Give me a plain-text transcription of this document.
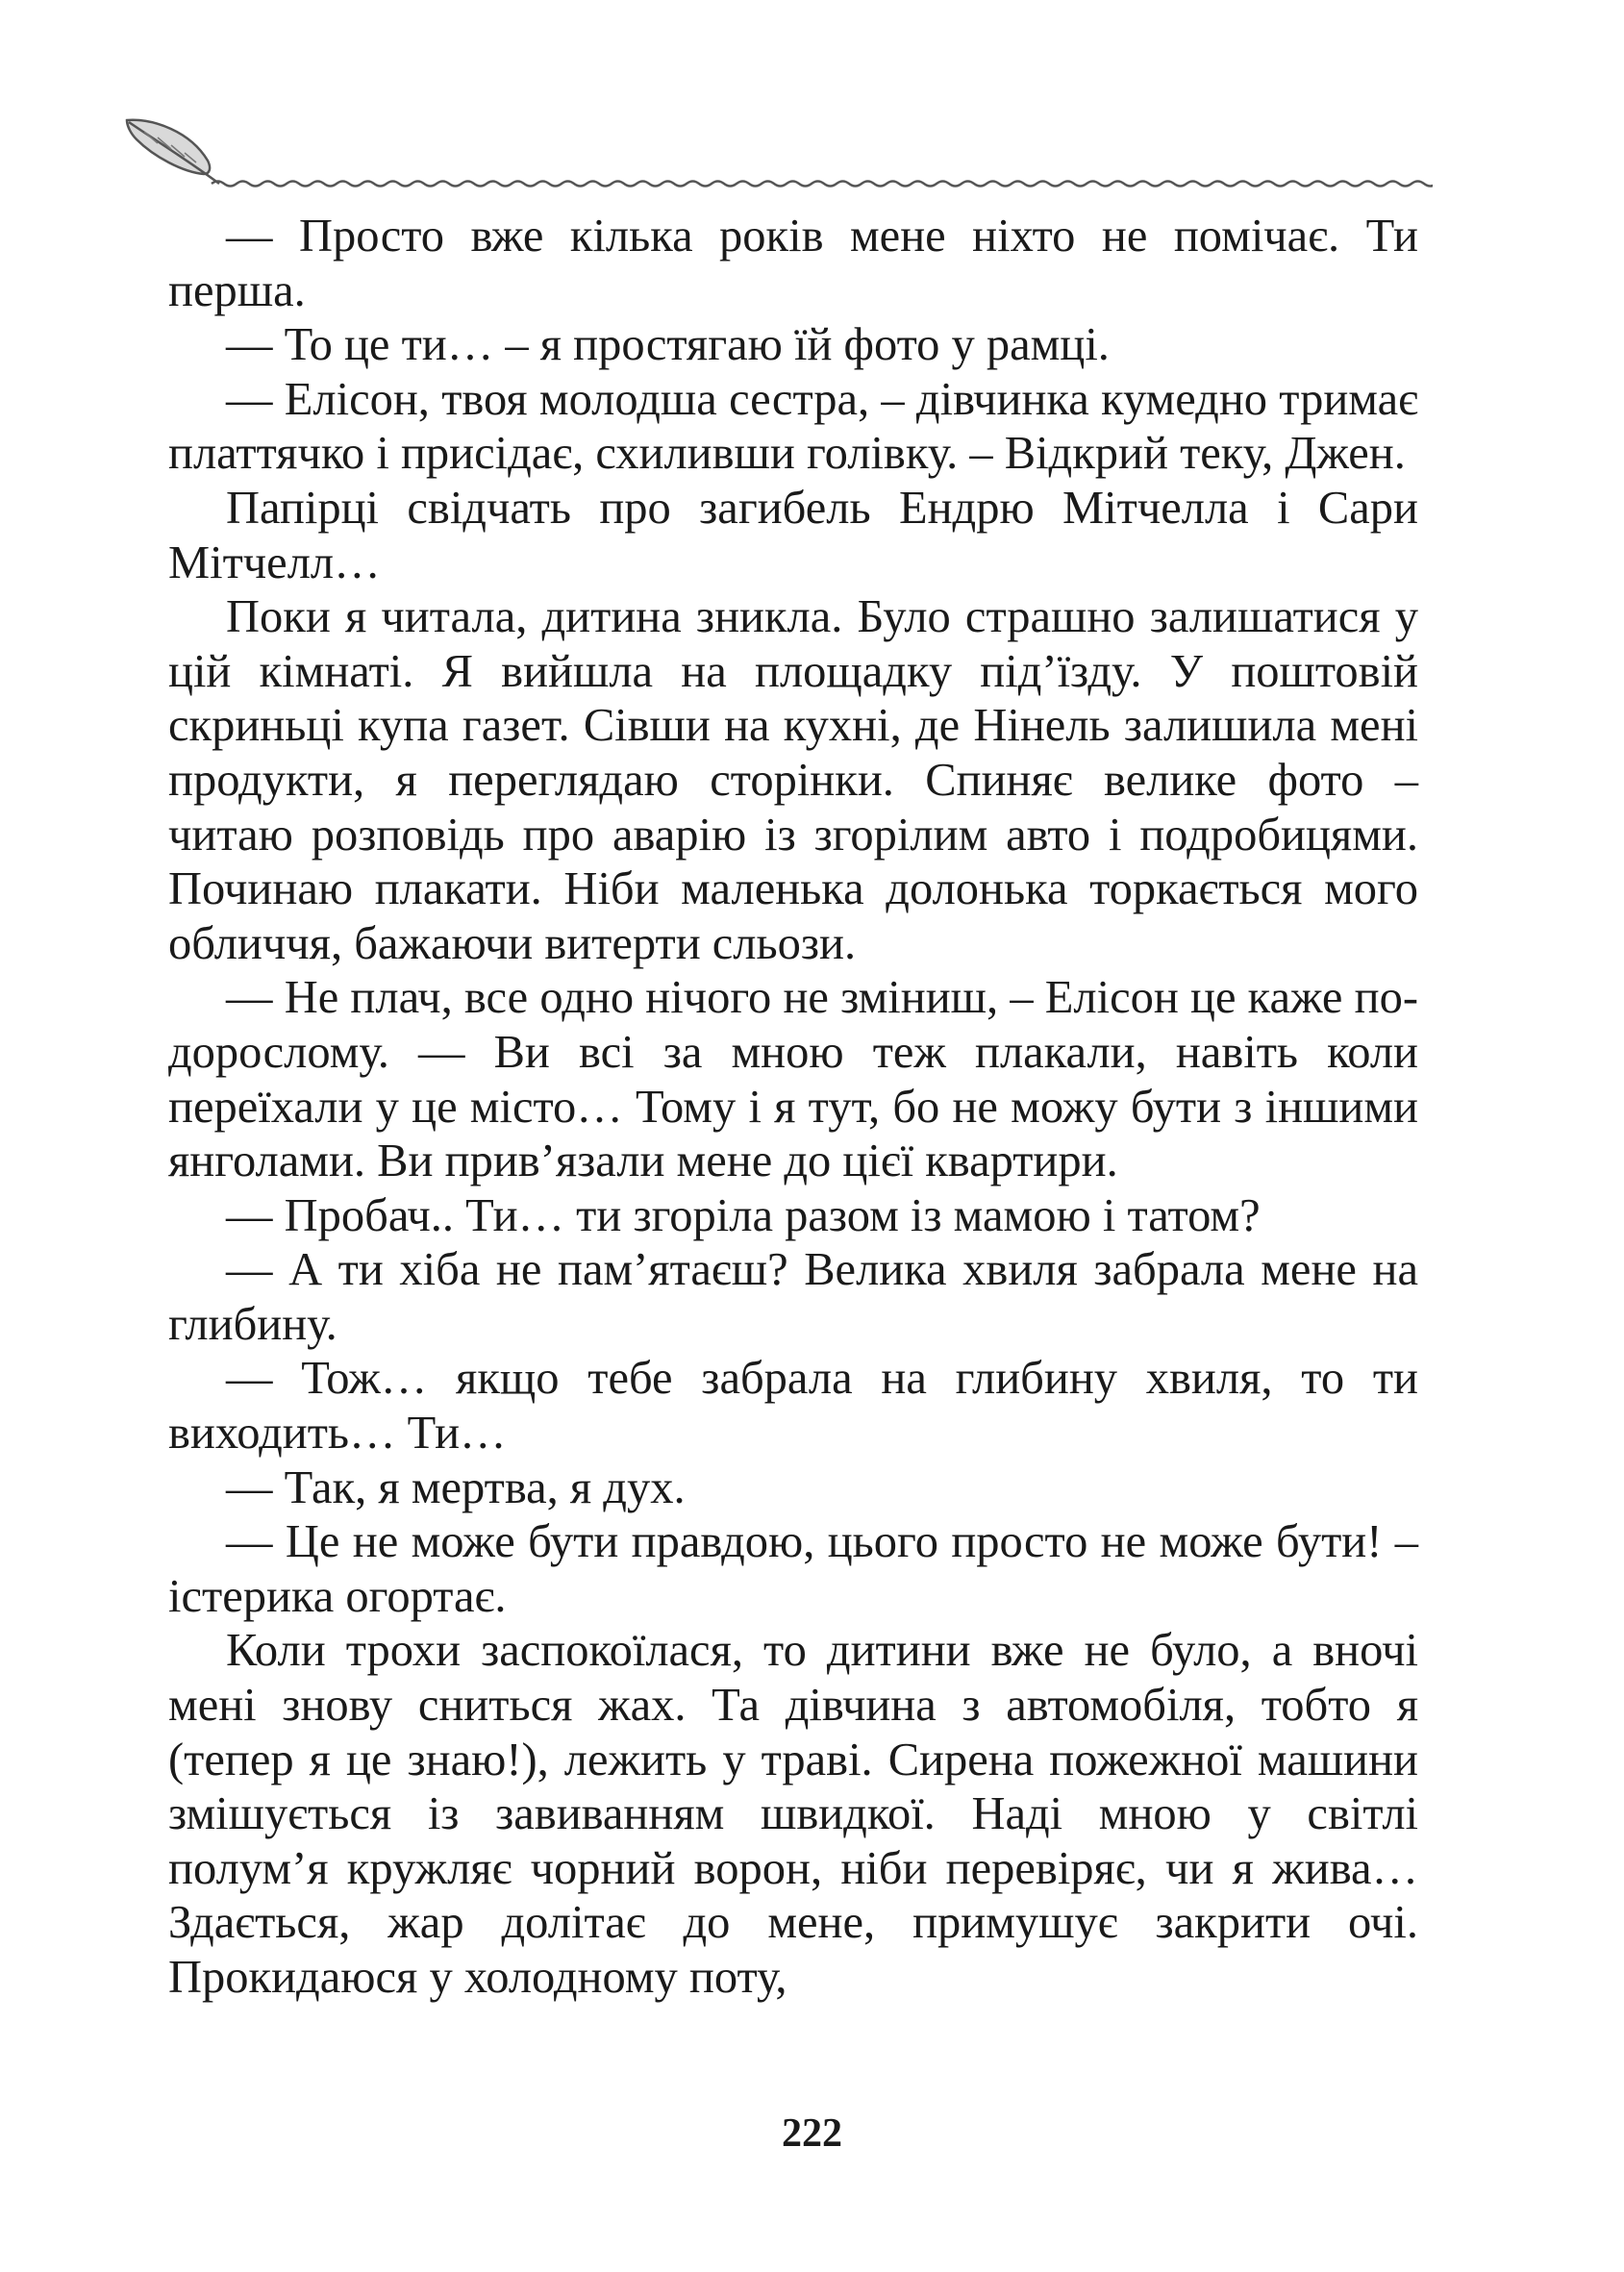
— Просто вже кілька років мене ніхто не помічає. Ти перша.

— То це ти… – я простягаю їй фото у рамці.

— Елісон, твоя молодша сестра, – дівчинка кумедно тримає платтячко і присідає, схиливши голівку. – Відкрий теку, Джен.

Папірці свідчать про загибель Ендрю Мітчелла і Сари Мітчелл…

Поки я читала, дитина зникла. Було страшно залишатися у цій кімнаті. Я вийшла на площадку під’їзду. У поштовій скриньці купа газет. Сівши на кухні, де Нінель залишила мені продукти, я переглядаю сторінки. Спиняє велике фото – читаю розповідь про аварію із згорілим авто і подробицями. Починаю плакати. Ніби маленька долонька торкається мого обличчя, бажаючи витерти сльози.

— Не плач, все одно нічого не зміниш, – Елісон це каже по-дорослому. — Ви всі за мною теж плакали, навіть коли переїхали у це місто… Тому і я тут, бо не можу бути з іншими янголами. Ви прив’язали мене до цієї квартири.

— Пробач.. Ти… ти згоріла разом із мамою і татом?

— А ти хіба не пам’ятаєш? Велика хвиля забрала мене на глибину.

— Тож… якщо тебе забрала на глибину хвиля, то ти виходить… Ти…

— Так, я мертва, я дух.

— Це не може бути правдою, цього просто не може бути! – істерика огортає.

Коли трохи заспокоїлася, то дитини вже не було, а вночі мені знову сниться жах. Та дівчина з автомобіля, тобто я (тепер я це знаю!), лежить у траві. Сирена пожежної машини змішується із завиванням швидкої. Наді мною у світлі полум’я кружляє чорний ворон, ніби перевіряє, чи я жива… Здається, жар долітає до мене, примушує закрити очі. Прокидаюся у холодному поту,

222
